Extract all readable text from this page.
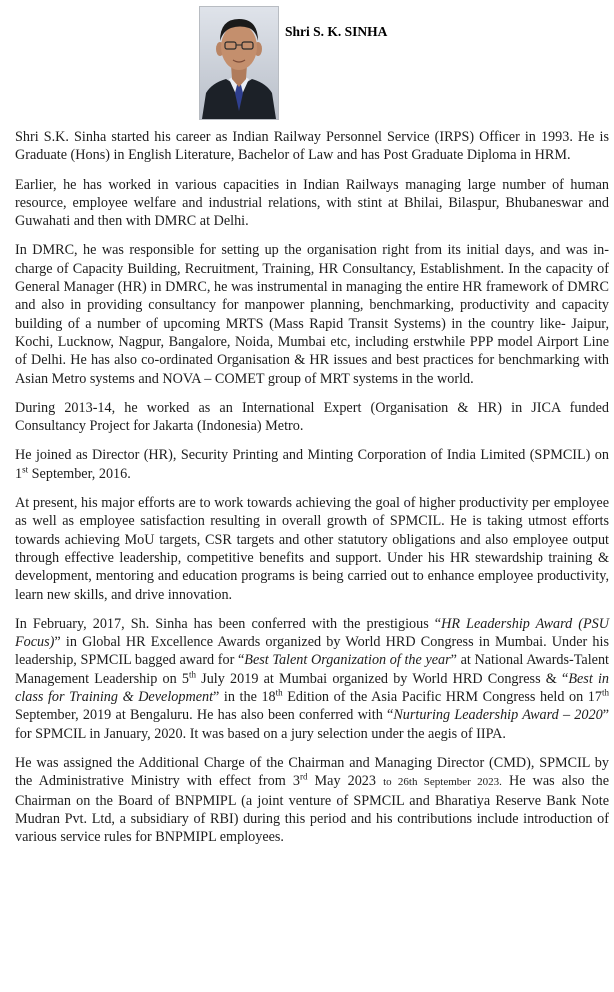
Shri S. K. SINHA

Shri S.K. Sinha started his career as Indian Railway Personnel Service (IRPS) Officer in 1993. He is Graduate (Hons) in English Literature, Bachelor of Law and has Post Graduate Diploma in HRM.

Earlier, he has worked in various capacities in Indian Railways managing large number of human resource, employee welfare and industrial relations, with stint at Bhilai, Bilaspur, Bhubaneswar and Guwahati and then with DMRC at Delhi.

In DMRC, he was responsible for setting up the organisation right from its initial days, and was in-charge of Capacity Building, Recruitment, Training, HR Consultancy, Establishment. In the capacity of General Manager (HR) in DMRC, he was instrumental in managing the entire HR framework of DMRC and also in providing consultancy for manpower planning, benchmarking, productivity and capacity building of a number of upcoming MRTS (Mass Rapid Transit Systems) in the country like- Jaipur, Kochi, Lucknow, Nagpur, Bangalore, Noida, Mumbai etc, including erstwhile PPP model Airport Line of Delhi. He has also co-ordinated Organisation & HR issues and best practices for benchmarking with Asian Metro systems and NOVA – COMET group of MRT systems in the world.

During 2013-14, he worked as an International Expert (Organisation & HR) in JICA funded Consultancy Project for Jakarta (Indonesia) Metro.

He joined as Director (HR), Security Printing and Minting Corporation of India Limited (SPMCIL) on 1st September, 2016.

At present, his major efforts are to work towards achieving the goal of higher productivity per employee as well as employee satisfaction resulting in overall growth of SPMCIL. He is taking utmost efforts towards achieving MoU targets, CSR targets and other statutory obligations and also employee output through effective leadership, competitive benefits and support. Under his HR stewardship training & development, mentoring and education programs is being carried out to enhance employee productivity, learn new skills, and drive innovation.

In February, 2017, Sh. Sinha has been conferred with the prestigious “HR Leadership Award (PSU Focus)” in Global HR Excellence Awards organized by World HRD Congress in Mumbai. Under his leadership, SPMCIL bagged award for “Best Talent Organization of the year” at National Awards-Talent Management Leadership on 5th July 2019 at Mumbai organized by World HRD Congress & “Best in class for Training & Development” in the 18th Edition of the Asia Pacific HRM Congress held on 17th September, 2019 at Bengaluru. He has also been conferred with “Nurturing Leadership Award – 2020” for SPMCIL in January, 2020. It was based on a jury selection under the aegis of IIPA.

He was assigned the Additional Charge of the Chairman and Managing Director (CMD), SPMCIL by the Administrative Ministry with effect from 3rd May 2023 to 26th September 2023. He was also the Chairman on the Board of BNPMIPL (a joint venture of SPMCIL and Bharatiya Reserve Bank Note Mudran Pvt. Ltd, a subsidiary of RBI) during this period and his contributions include introduction of various service rules for BNPMIPL employees.
